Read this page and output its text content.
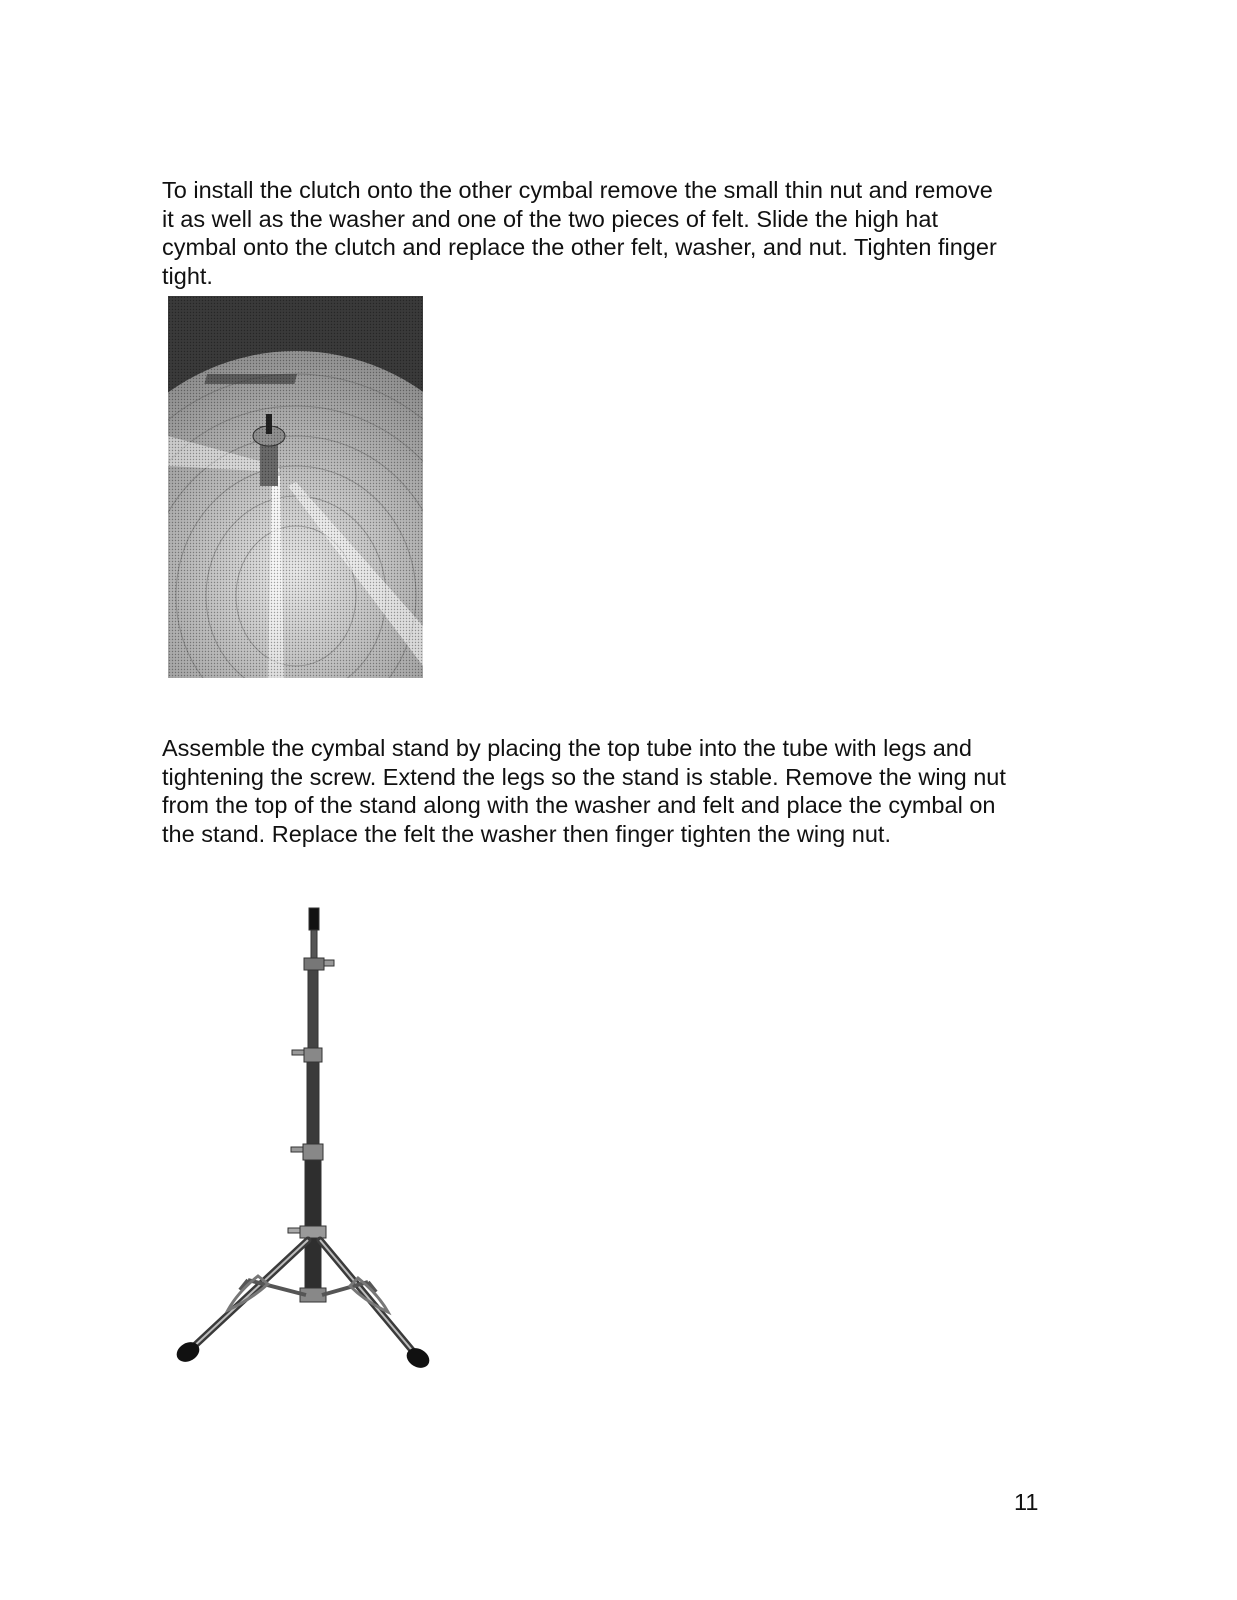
To install the clutch onto the other cymbal remove the small thin nut and remove
it as well as the washer and one of the two pieces of felt. Slide the high hat
cymbal onto the clutch and replace the other felt, washer, and nut. Tighten finger
tight.

Assemble the cymbal stand by placing the top tube into the tube with legs and
tightening the screw. Extend the legs so the stand is stable. Remove the wing nut
from the top of the stand along with the washer and felt and place the cymbal on
the stand. Replace the felt the washer then finger tighten the wing nut.

11
